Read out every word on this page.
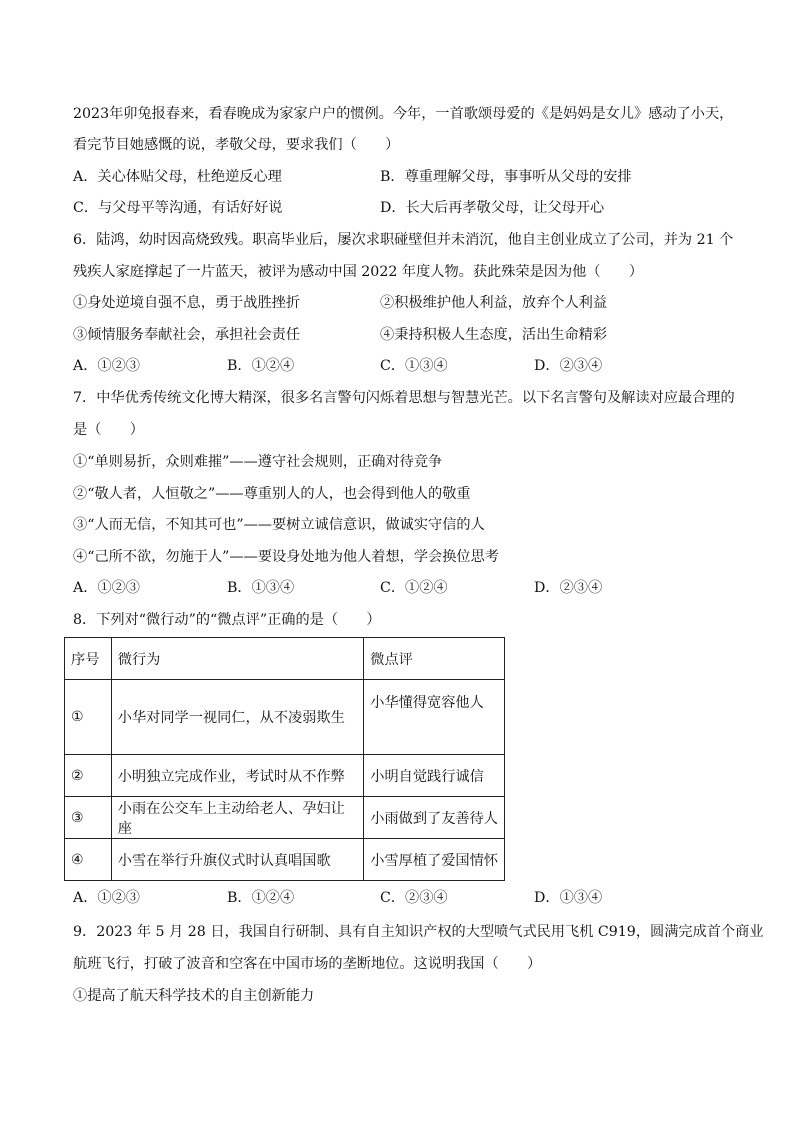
2023年卯兔报春来，看春晚成为家家户户的惯例。今年，一首歌颂母爱的《是妈妈是女儿》感动了小天，
看完节目她感慨的说，孝敬父母，要求我们（　　）
A．关心体贴父母，杜绝逆反心理	B．尊重理解父母，事事听从父母的安排
C．与父母平等沟通，有话好好说	D．长大后再孝敬父母，让父母开心
6．陆鸿，幼时因高烧致残。职高毕业后，屡次求职碰壁但并未消沉，他自主创业成立了公司，并为 21 个
残疾人家庭撑起了一片蓝天，被评为感动中国 2022 年度人物。获此殊荣是因为他（　　）
①身处逆境自强不息，勇于战胜挫折	②积极维护他人利益，放弃个人利益
③倾情服务奉献社会，承担社会责任	④秉持积极人生态度，活出生命精彩
A．①②③	B．①②④	C．①③④	D．②③④
7．中华优秀传统文化博大精深，很多名言警句闪烁着思想与智慧光芒。以下名言警句及解读对应最合理的
是（　　）
①“单则易折，众则难摧”——遵守社会规则，正确对待竞争
②“敬人者，人恒敬之”——尊重别人的人，也会得到他人的敬重
③“人而无信，不知其可也”——要树立诚信意识，做诚实守信的人
④“己所不欲，勿施于人”——要设身处地为他人着想，学会换位思考
A．①②③	B．①③④	C．①②④	D．②③④
8．下列对“微行动”的“微点评”正确的是（　　）
序号	微行为	微点评
①	小华对同学一视同仁，从不凌弱欺生	小华懂得宽容他人
②	小明独立完成作业，考试时从不作弊	小明自觉践行诚信
③	小雨在公交车上主动给老人、孕妇让座	小雨做到了友善待人
④	小雪在举行升旗仪式时认真唱国歌	小雪厚植了爱国情怀
A．①②③	B．①②④	C．②③④	D．①③④
9．2023 年 5 月 28 日，我国自行研制、具有自主知识产权的大型喷气式民用飞机 C919，圆满完成首个商业
航班飞行，打破了波音和空客在中国市场的垄断地位。这说明我国（　　）
①提高了航天科学技术的自主创新能力
